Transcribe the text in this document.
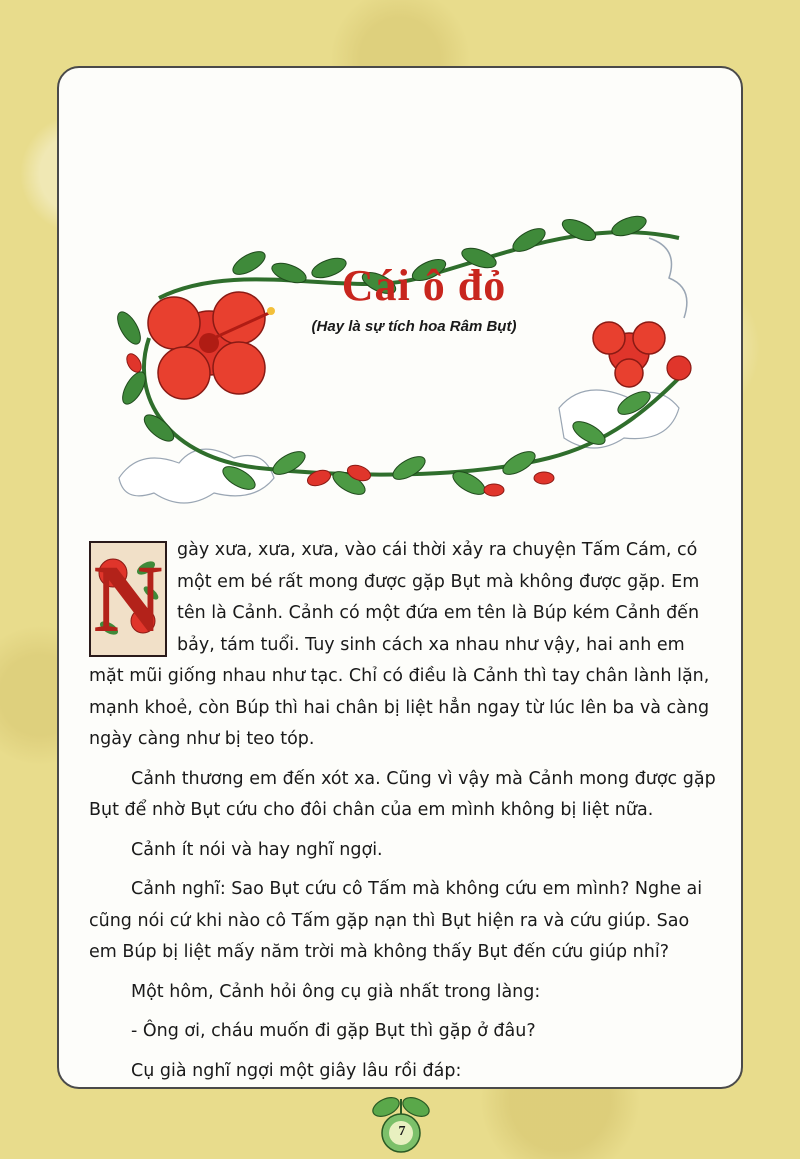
Cái ô đỏ
(Hay là sự tích hoa Râm Bụt)

N gày xưa, xưa, xưa, vào cái thời xảy ra chuyện Tấm Cám, có một em bé rất mong được gặp Bụt mà không được gặp. Em tên là Cảnh. Cảnh có một đứa em tên là Búp kém Cảnh đến bảy, tám tuổi. Tuy sinh cách xa nhau như vậy, hai anh em mặt mũi giống nhau như tạc. Chỉ có điều là Cảnh thì tay chân lành lặn, mạnh khoẻ, còn Búp thì hai chân bị liệt hẳn ngay từ lúc lên ba và càng ngày càng như bị teo tóp.

Cảnh thương em đến xót xa. Cũng vì vậy mà Cảnh mong được gặp Bụt để nhờ Bụt cứu cho đôi chân của em mình không bị liệt nữa.

Cảnh ít nói và hay nghĩ ngợi.

Cảnh nghĩ: Sao Bụt cứu cô Tấm mà không cứu em mình? Nghe ai cũng nói cứ khi nào cô Tấm gặp nạn thì Bụt hiện ra và cứu giúp. Sao em Búp bị liệt mấy năm trời mà không thấy Bụt đến cứu giúp nhỉ?

Một hôm, Cảnh hỏi ông cụ già nhất trong làng:

- Ông ơi, cháu muốn đi gặp Bụt thì gặp ở đâu?

Cụ già nghĩ ngợi một giây lâu rồi đáp:

7
